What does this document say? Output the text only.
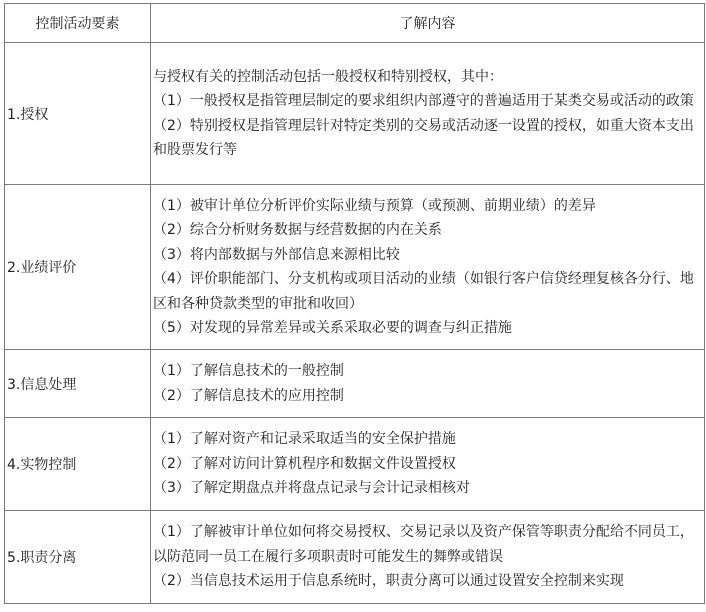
控制活动要素	了解内容
1.授权	与授权有关的控制活动包括一般授权和特别授权，其中：
（1）一般授权是指管理层制定的要求组织内部遵守的普遍适用于某类交易或活动的政策
（2）特别授权是指管理层针对特定类别的交易或活动逐一设置的授权，如重大资本支出和股票发行等

2.业绩评价	（1）被审计单位分析评价实际业绩与预算（或预测、前期业绩）的差异
（2）综合分析财务数据与经营数据的内在关系
（3）将内部数据与外部信息来源相比较
（4）评价职能部门、分支机构或项目活动的业绩（如银行客户信贷经理复核各分行、地区和各种贷款类型的审批和收回）
（5）对发现的异常差异或关系采取必要的调查与纠正措施

3.信息处理	（1）了解信息技术的一般控制
（2）了解信息技术的应用控制

4.实物控制	（1）了解对资产和记录采取适当的安全保护措施
（2）了解对访问计算机程序和数据文件设置授权
（3）了解定期盘点并将盘点记录与会计记录相核对

5.职责分离	（1）了解被审计单位如何将交易授权、交易记录以及资产保管等职责分配给不同员工，以防范同一员工在履行多项职责时可能发生的舞弊或错误
（2）当信息技术运用于信息系统时，职责分离可以通过设置安全控制来实现
